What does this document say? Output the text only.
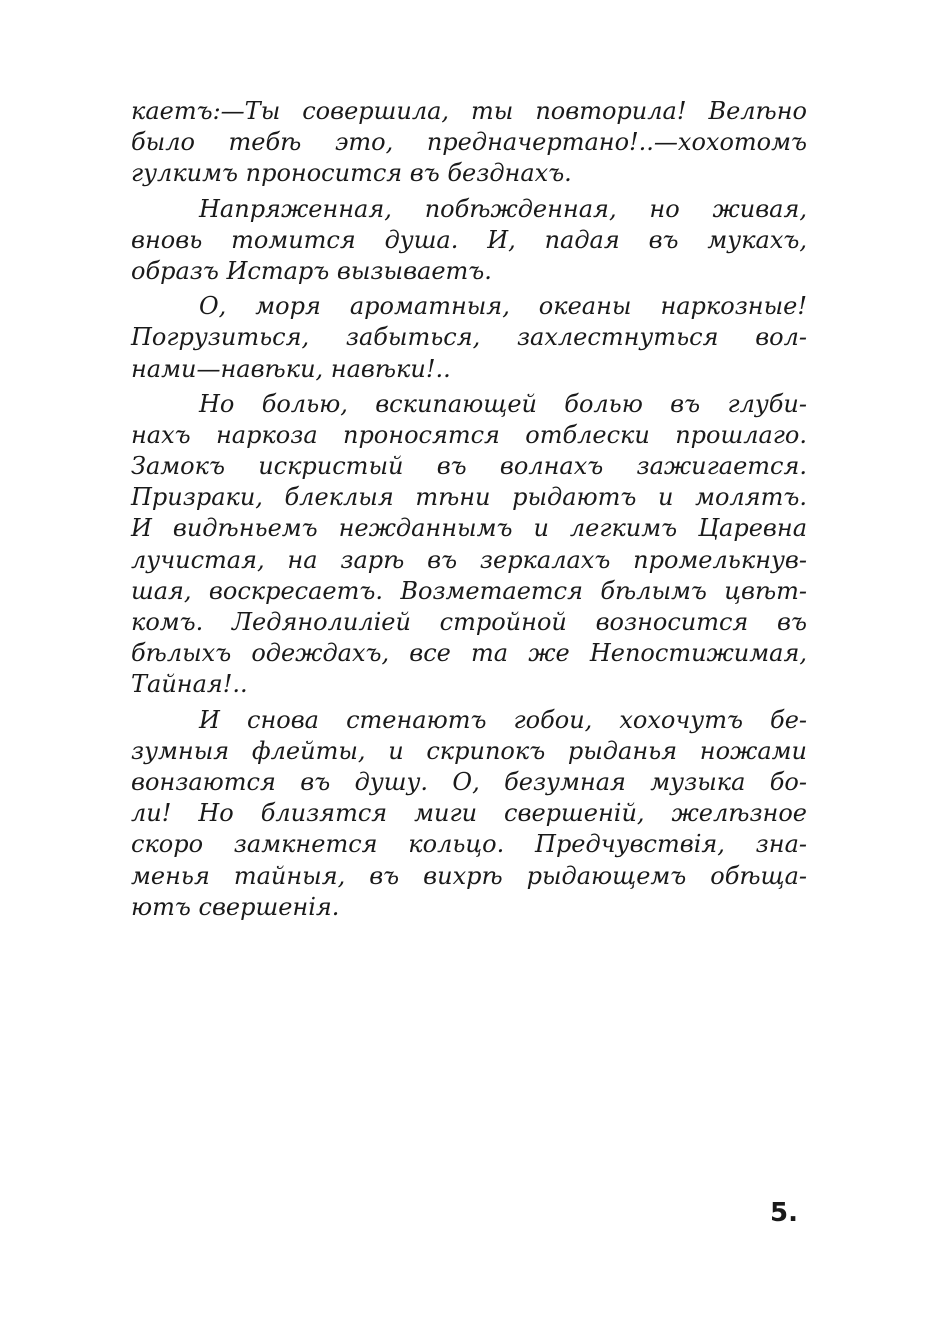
каетъ:—Ты совершила, ты повторила! Велѣно
было тебѣ это, предначертано!..—хохотомъ
гулкимъ проносится въ безднахъ.

Напряженная, побѣжденная, но живая,
вновь томится душа. И, падая въ мукахъ,
образъ Истаръ вызываетъ.

О, моря ароматныя, океаны наркозные!
Погрузиться, забыться, захлестнуться вол-
нами—навѣки, навѣки!..

Но болью, вскипающей болью въ глуби-
нахъ наркоза проносятся отблески прошлаго.
Замокъ искристый въ волнахъ зажигается.
Призраки, блеклыя тѣни рыдаютъ и молятъ.
И видѣньемъ нежданнымъ и легкимъ Царевна
лучистая, на зарѣ въ зеркалахъ промелькнув-
шая, воскресаетъ. Возметается бѣлымъ цвѣт-
комъ. Ледянолиліей стройной возносится въ
бѣлыхъ одеждахъ, все та же Непостижимая,
Тайная!..

И снова стенаютъ гобои, хохочутъ бе-
зумныя флейты, и скрипокъ рыданья ножами
вонзаются въ душу. О, безумная музыка бо-
ли! Но близятся миги свершеній, желѣзное
скоро замкнется кольцо. Предчувствія, зна-
менья тайныя, въ вихрѣ рыдающемъ обѣща-
ютъ свершенія.

5.
